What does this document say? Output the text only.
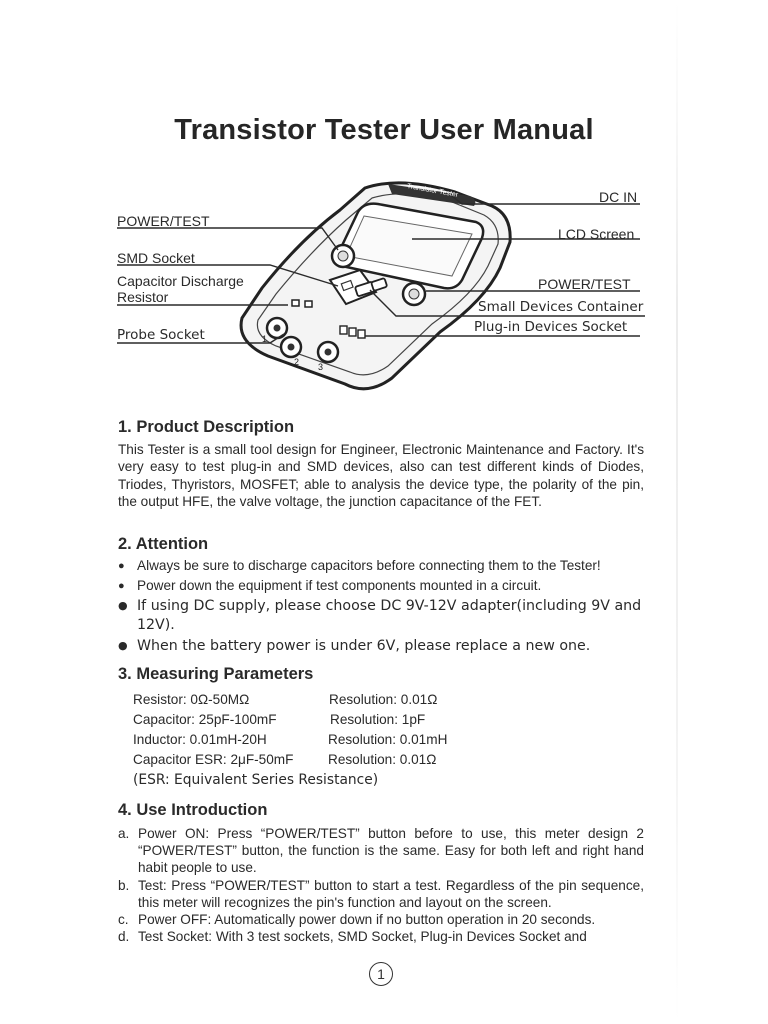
Transistor Tester User Manual
Transistor Tester
1
2 3
DC IN
POWER/TEST
LCD Screen
SMD Socket
Capacitor Discharge
Resistor
POWER/TEST
Small Devices Container
Probe Socket	Plug-in Devices Socket
1. Product Description
This Tester is a small tool design for Engineer, Electronic Maintenance and Factory. It's very easy to test plug-in and SMD devices, also can test different kinds of Diodes, Triodes, Thyristors, MOSFET; able to analysis the device type, the polarity of the pin, the output HFE, the valve voltage, the junction capacitance of the FET.
2. Attention
● Always be sure to discharge capacitors before connecting them to the Tester!
● Power down the equipment if test components mounted in a circuit.
● If using DC supply, please choose DC 9V-12V adapter(including 9V and 12V).
● When the battery power is under 6V, please replace a new one.
3. Measuring Parameters
Resistor: 0Ω-50MΩ	Resolution: 0.01Ω
Capacitor: 25pF-100mF	Resolution: 1pF
Inductor: 0.01mH-20H	Resolution: 0.01mH
Capacitor ESR: 2μF-50mF	Resolution: 0.01Ω
(ESR: Equivalent Series Resistance)
4. Use Introduction
a. Power ON: Press “POWER/TEST” button before to use, this meter design 2 “POWER/TEST” button, the function is the same. Easy for both left and right hand habit people to use.
b. Test: Press “POWER/TEST” button to start a test. Regardless of the pin sequence, this meter will recognizes the pin's function and layout on the screen.
c. Power OFF: Automatically power down if no button operation in 20 seconds.
d. Test Socket: With 3 test sockets, SMD Socket, Plug-in Devices Socket and
1
